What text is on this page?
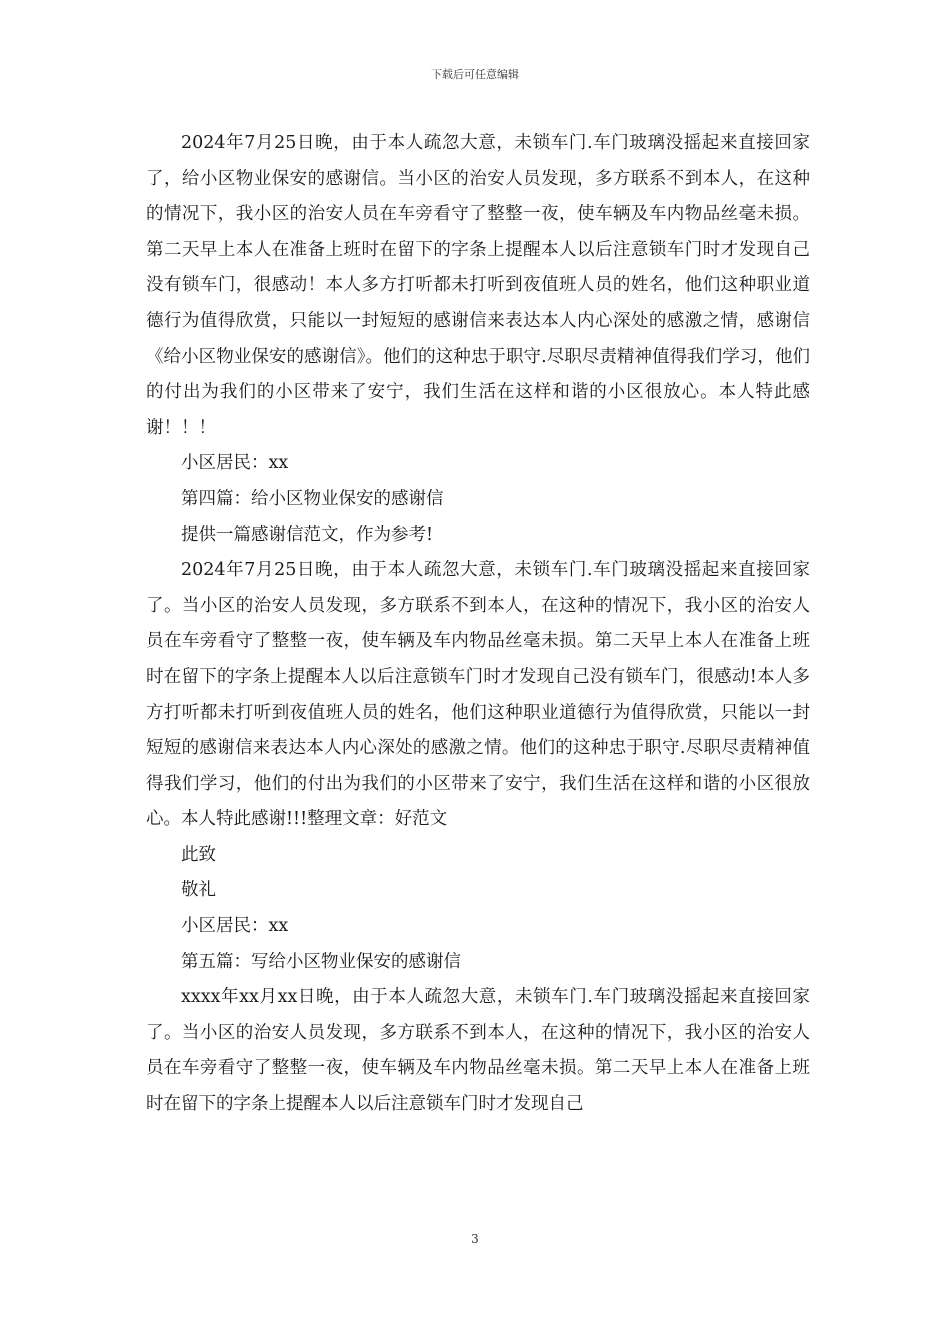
下载后可任意编辑

2024年7月25日晚，由于本人疏忽大意，未锁车门.车门玻璃没摇起来直接回家了，给小区物业保安的感谢信。当小区的治安人员发现，多方联系不到本人，在这种的情况下，我小区的治安人员在车旁看守了整整一夜，使车辆及车内物品丝毫未损。第二天早上本人在准备上班时在留下的字条上提醒本人以后注意锁车门时才发现自己没有锁车门，很感动！本人多方打听都未打听到夜值班人员的姓名，他们这种职业道德行为值得欣赏，只能以一封短短的感谢信来表达本人内心深处的感激之情，感谢信《给小区物业保安的感谢信》。他们的这种忠于职守.尽职尽责精神值得我们学习，他们的付出为我们的小区带来了安宁，我们生活在这样和谐的小区很放心。本人特此感谢！！！

小区居民：xx

第四篇：给小区物业保安的感谢信

提供一篇感谢信范文，作为参考!

2024年7月25日晚，由于本人疏忽大意，未锁车门.车门玻璃没摇起来直接回家了。当小区的治安人员发现，多方联系不到本人，在这种的情况下，我小区的治安人员在车旁看守了整整一夜，使车辆及车内物品丝毫未损。第二天早上本人在准备上班时在留下的字条上提醒本人以后注意锁车门时才发现自己没有锁车门，很感动!本人多方打听都未打听到夜值班人员的姓名，他们这种职业道德行为值得欣赏，只能以一封短短的感谢信来表达本人内心深处的感激之情。他们的这种忠于职守.尽职尽责精神值得我们学习，他们的付出为我们的小区带来了安宁，我们生活在这样和谐的小区很放心。本人特此感谢!!!整理文章：好范文

此致

敬礼

小区居民：xx

第五篇：写给小区物业保安的感谢信

xxxx年xx月xx日晚，由于本人疏忽大意，未锁车门.车门玻璃没摇起来直接回家了。当小区的治安人员发现，多方联系不到本人，在这种的情况下，我小区的治安人员在车旁看守了整整一夜，使车辆及车内物品丝毫未损。第二天早上本人在准备上班时在留下的字条上提醒本人以后注意锁车门时才发现自己

3
